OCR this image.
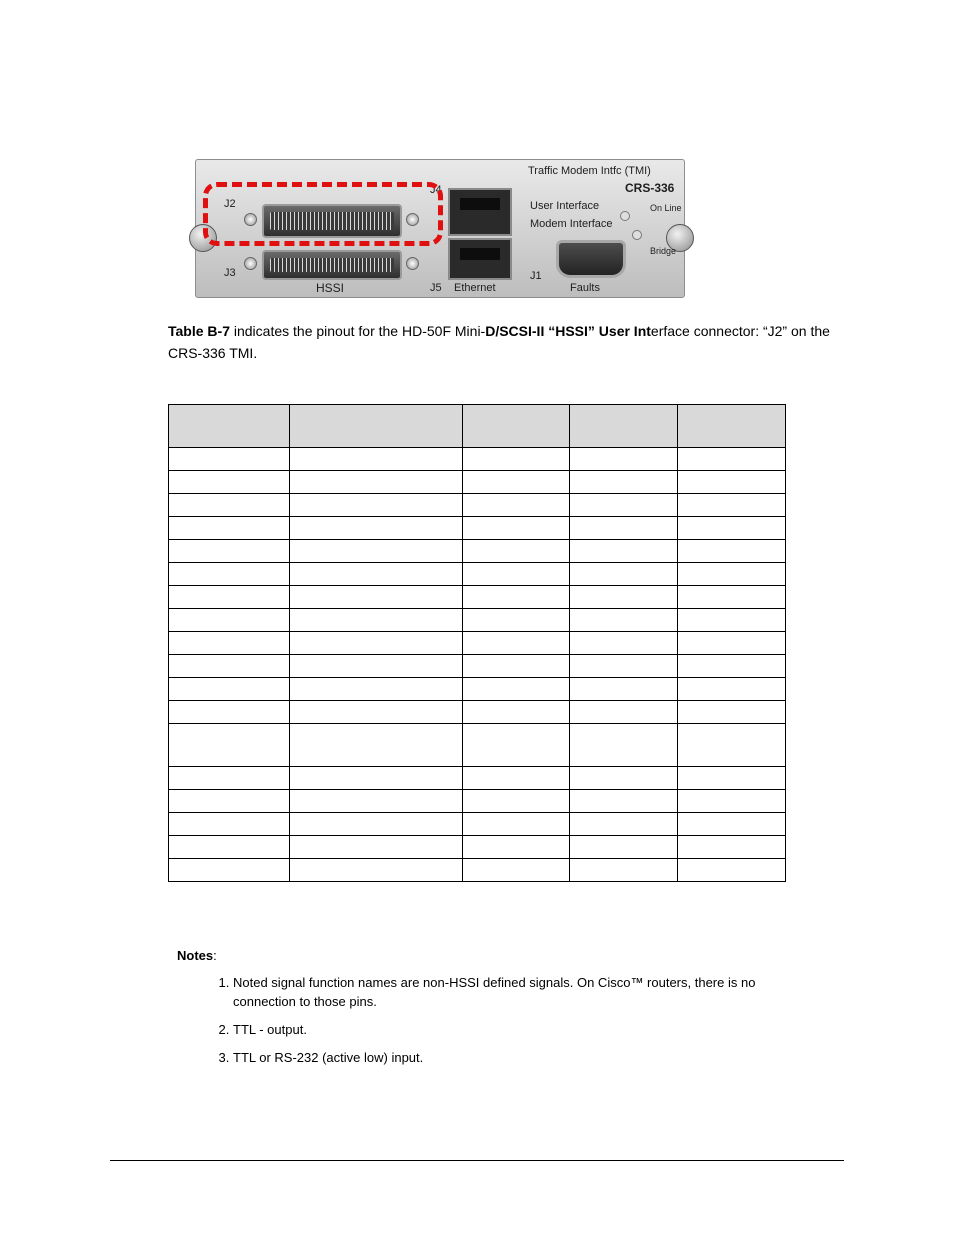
J2
J3
HSSI
J4
J5 Ethernet
Traffic Modem Intfc (TMI)
CRS-336
User Interface
Modem Interface
On Line
Bridge
J1
Faults

Table B-7 indicates the pinout for the HD-50F Mini-D/SCSI-II “HSSI” User Interface connector: “J2” on the CRS-336 TMI.

Notes:
1. Noted signal function names are non-HSSI defined signals. On Cisco™ routers, there is no connection to those pins.
2. TTL - output.
3. TTL or RS-232 (active low) input.
